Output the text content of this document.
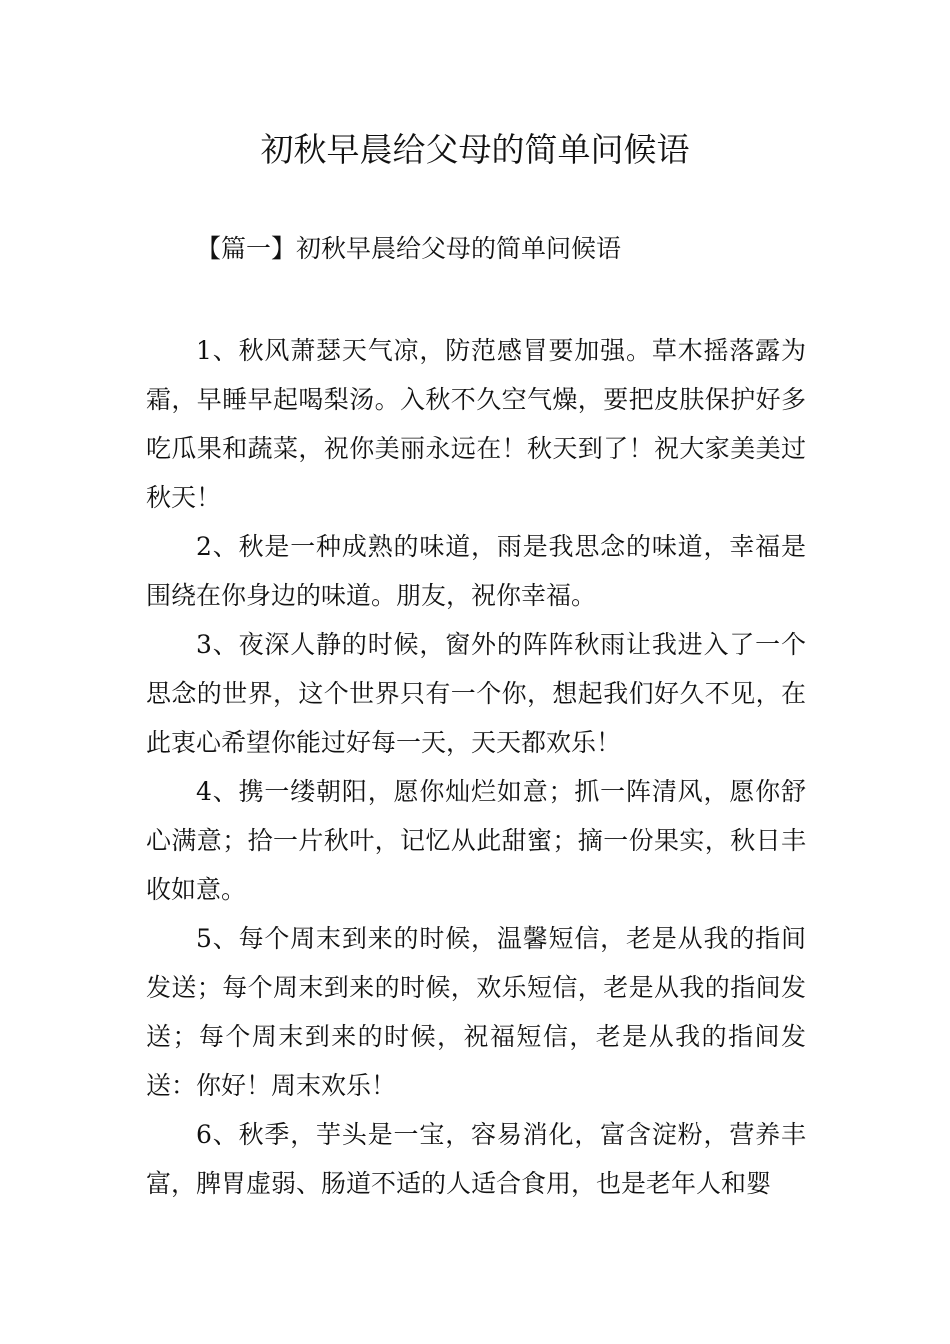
初秋早晨给父母的简单问候语
【篇一】初秋早晨给父母的简单问候语

1、秋风萧瑟天气凉，防范感冒要加强。草木摇落露为霜，早睡早起喝梨汤。入秋不久空气燥，要把皮肤保护好多吃瓜果和蔬菜，祝你美丽永远在！秋天到了！祝大家美美过秋天！

2、秋是一种成熟的味道，雨是我思念的味道，幸福是围绕在你身边的味道。朋友，祝你幸福。

3、夜深人静的时候，窗外的阵阵秋雨让我进入了一个思念的世界，这个世界只有一个你，想起我们好久不见，在此衷心希望你能过好每一天，天天都欢乐！

4、携一缕朝阳，愿你灿烂如意；抓一阵清风，愿你舒心满意；拾一片秋叶，记忆从此甜蜜；摘一份果实，秋日丰收如意。

5、每个周末到来的时候，温馨短信，老是从我的指间发送；每个周末到来的时候，欢乐短信，老是从我的指间发送；每个周末到来的时候，祝福短信，老是从我的指间发送：你好！周末欢乐！

6、秋季，芋头是一宝，容易消化，富含淀粉，营养丰富，脾胃虚弱、肠道不适的人适合食用，也是老年人和婴
